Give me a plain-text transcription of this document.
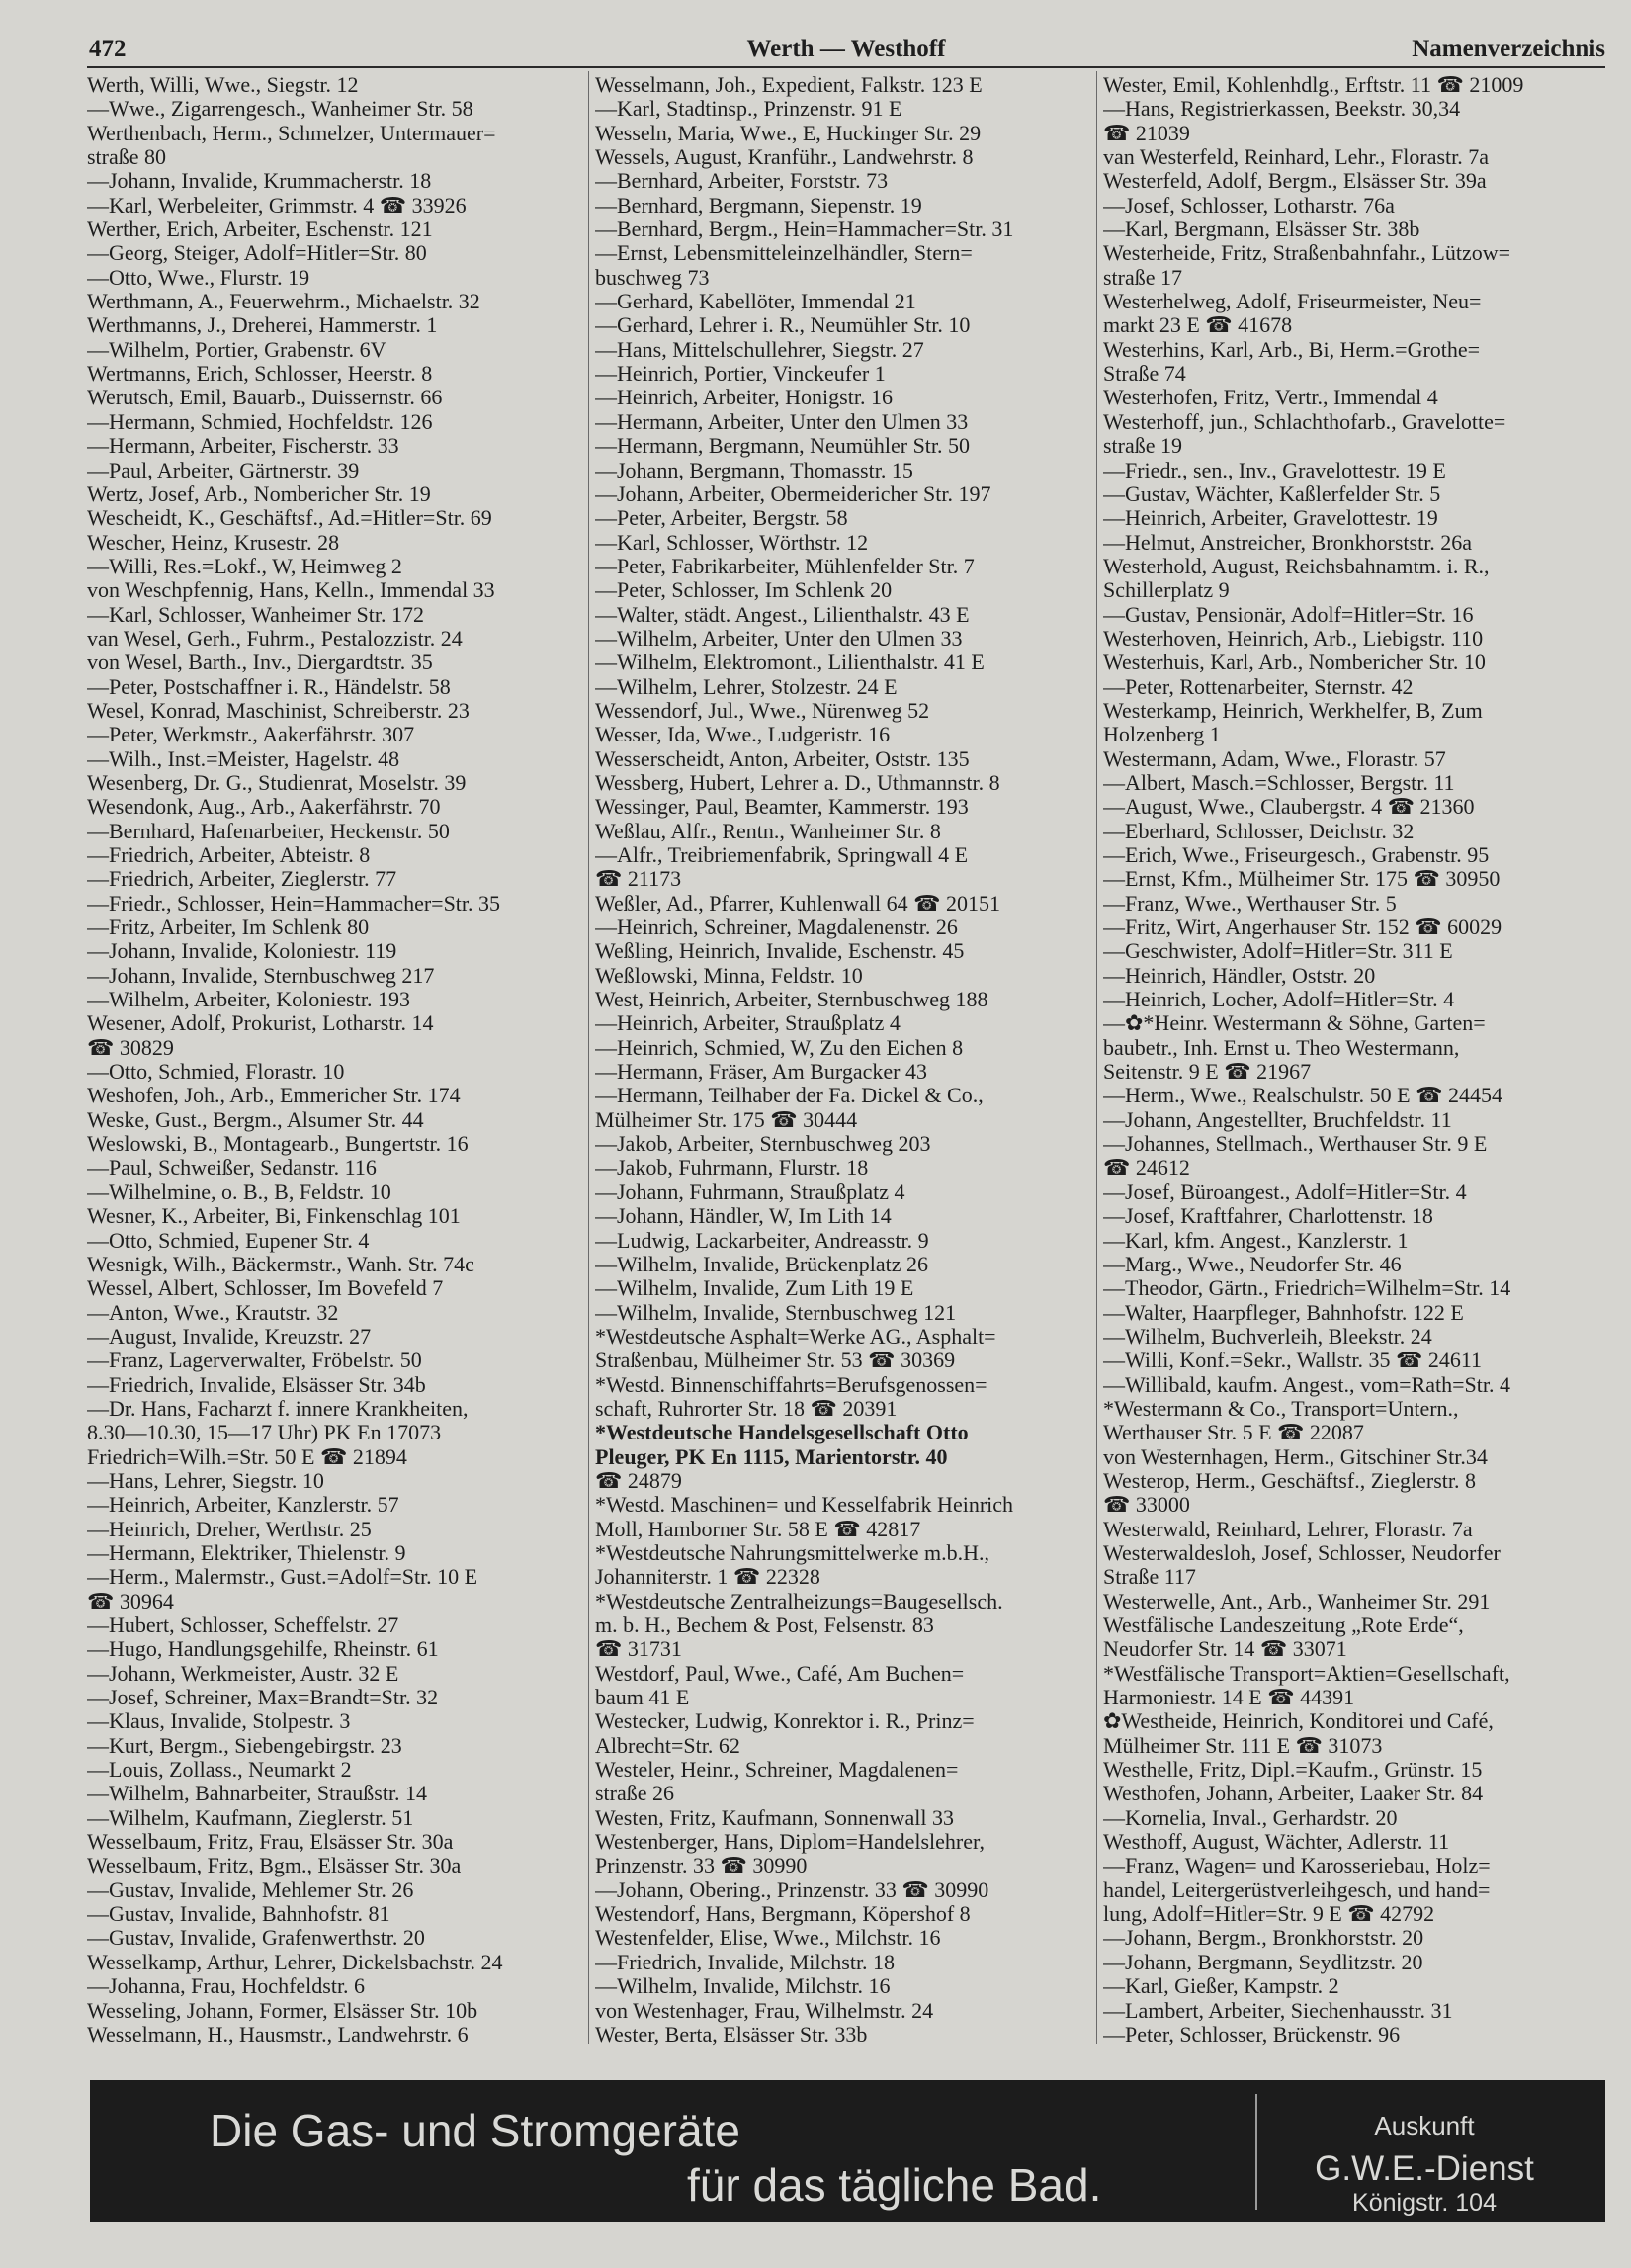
472	Werth — Westhoff	Namenverzeichnis
Werth, Willi, Wwe., Siegstr. 12
—Wwe., Zigarrengesch., Wanheimer Str. 58
Werthenbach, Herm., Schmelzer, Untermauer=
straße 80
—Johann, Invalide, Krummacherstr. 18
—Karl, Werbeleiter, Grimmstr. 4 ☎ 33926
Werther, Erich, Arbeiter, Eschenstr. 121
—Georg, Steiger, Adolf=Hitler=Str. 80
—Otto, Wwe., Flurstr. 19
Werthmann, A., Feuerwehrm., Michaelstr. 32
Werthmanns, J., Dreherei, Hammerstr. 1
—Wilhelm, Portier, Grabenstr. 6V
Wertmanns, Erich, Schlosser, Heerstr. 8
Werutsch, Emil, Bauarb., Duissernstr. 66
—Hermann, Schmied, Hochfeldstr. 126
—Hermann, Arbeiter, Fischerstr. 33
—Paul, Arbeiter, Gärtnerstr. 39
Wertz, Josef, Arb., Nombericher Str. 19
Wescheidt, K., Geschäftsf., Ad.=Hitler=Str. 69
Wescher, Heinz, Krusestr. 28
—Willi, Res.=Lokf., W, Heimweg 2
von Weschpfennig, Hans, Kelln., Immendal 33
—Karl, Schlosser, Wanheimer Str. 172
van Wesel, Gerh., Fuhrm., Pestalozzistr. 24
von Wesel, Barth., Inv., Diergardtstr. 35
—Peter, Postschaffner i. R., Händelstr. 58
Wesel, Konrad, Maschinist, Schreiberstr. 23
—Peter, Werkmstr., Aakerfährstr. 307
—Wilh., Inst.=Meister, Hagelstr. 48
Wesenberg, Dr. G., Studienrat, Moselstr. 39
Wesendonk, Aug., Arb., Aakerfährstr. 70
—Bernhard, Hafenarbeiter, Heckenstr. 50
—Friedrich, Arbeiter, Abteistr. 8
—Friedrich, Arbeiter, Zieglerstr. 77
—Friedr., Schlosser, Hein=Hammacher=Str. 35
—Fritz, Arbeiter, Im Schlenk 80
—Johann, Invalide, Koloniestr. 119
—Johann, Invalide, Sternbuschweg 217
—Wilhelm, Arbeiter, Koloniestr. 193
Wesener, Adolf, Prokurist, Lotharstr. 14
☎ 30829
—Otto, Schmied, Florastr. 10
Weshofen, Joh., Arb., Emmericher Str. 174
Weske, Gust., Bergm., Alsumer Str. 44
Weslowski, B., Montagearb., Bungertstr. 16
—Paul, Schweißer, Sedanstr. 116
—Wilhelmine, o. B., B, Feldstr. 10
Wesner, K., Arbeiter, Bi, Finkenschlag 101
—Otto, Schmied, Eupener Str. 4
Wesnigk, Wilh., Bäckermstr., Wanh. Str. 74c
Wessel, Albert, Schlosser, Im Bovefeld 7
—Anton, Wwe., Krautstr. 32
—August, Invalide, Kreuzstr. 27
—Franz, Lagerverwalter, Fröbelstr. 50
—Friedrich, Invalide, Elsässer Str. 34b
—Dr. Hans, Facharzt f. innere Krankheiten,
8.30—10.30, 15—17 Uhr) PK En 17073
Friedrich=Wilh.=Str. 50 E ☎ 21894
—Hans, Lehrer, Siegstr. 10
—Heinrich, Arbeiter, Kanzlerstr. 57
—Heinrich, Dreher, Werthstr. 25
—Hermann, Elektriker, Thielenstr. 9
—Herm., Malermstr., Gust.=Adolf=Str. 10 E
☎ 30964
—Hubert, Schlosser, Scheffelstr. 27
—Hugo, Handlungsgehilfe, Rheinstr. 61
—Johann, Werkmeister, Austr. 32 E
—Josef, Schreiner, Max=Brandt=Str. 32
—Klaus, Invalide, Stolpestr. 3
—Kurt, Bergm., Siebengebirgstr. 23
—Louis, Zollass., Neumarkt 2
—Wilhelm, Bahnarbeiter, Straußstr. 14
—Wilhelm, Kaufmann, Zieglerstr. 51
Wesselbaum, Fritz, Frau, Elsässer Str. 30a
Wesselbaum, Fritz, Bgm., Elsässer Str. 30a
—Gustav, Invalide, Mehlemer Str. 26
—Gustav, Invalide, Bahnhofstr. 81
—Gustav, Invalide, Grafenwerthstr. 20
Wesselkamp, Arthur, Lehrer, Dickelsbachstr. 24
—Johanna, Frau, Hochfeldstr. 6
Wesseling, Johann, Former, Elsässer Str. 10b
Wesselmann, H., Hausmstr., Landwehrstr. 6
Wesselmann, Joh., Expedient, Falkstr. 123 E
—Karl, Stadtinsp., Prinzenstr. 91 E
Wesseln, Maria, Wwe., E, Huckinger Str. 29
Wessels, August, Kranführ., Landwehrstr. 8
—Bernhard, Arbeiter, Forststr. 73
—Bernhard, Bergmann, Siepenstr. 19
—Bernhard, Bergm., Hein=Hammacher=Str. 31
—Ernst, Lebensmitteleinzelhändler, Stern=
buschweg 73
—Gerhard, Kabellöter, Immendal 21
—Gerhard, Lehrer i. R., Neumühler Str. 10
—Hans, Mittelschullehrer, Siegstr. 27
—Heinrich, Portier, Vinckeufer 1
—Heinrich, Arbeiter, Honigstr. 16
—Hermann, Arbeiter, Unter den Ulmen 33
—Hermann, Bergmann, Neumühler Str. 50
—Johann, Bergmann, Thomasstr. 15
—Johann, Arbeiter, Obermeidericher Str. 197
—Peter, Arbeiter, Bergstr. 58
—Karl, Schlosser, Wörthstr. 12
—Peter, Fabrikarbeiter, Mühlenfelder Str. 7
—Peter, Schlosser, Im Schlenk 20
—Walter, städt. Angest., Lilienthalstr. 43 E
—Wilhelm, Arbeiter, Unter den Ulmen 33
—Wilhelm, Elektromont., Lilienthalstr. 41 E
—Wilhelm, Lehrer, Stolzestr. 24 E
Wessendorf, Jul., Wwe., Nürenweg 52
Wesser, Ida, Wwe., Ludgeristr. 16
Wesserscheidt, Anton, Arbeiter, Oststr. 135
Wessberg, Hubert, Lehrer a. D., Uthmannstr. 8
Wessinger, Paul, Beamter, Kammerstr. 193
Weßlau, Alfr., Rentn., Wanheimer Str. 8
—Alfr., Treibriemenfabrik, Springwall 4 E
☎ 21173
Weßler, Ad., Pfarrer, Kuhlenwall 64 ☎ 20151
—Heinrich, Schreiner, Magdalenenstr. 26
Weßling, Heinrich, Invalide, Eschenstr. 45
Weßlowski, Minna, Feldstr. 10
West, Heinrich, Arbeiter, Sternbuschweg 188
—Heinrich, Arbeiter, Straußplatz 4
—Heinrich, Schmied, W, Zu den Eichen 8
—Hermann, Fräser, Am Burgacker 43
—Hermann, Teilhaber der Fa. Dickel & Co.,
Mülheimer Str. 175 ☎ 30444
—Jakob, Arbeiter, Sternbuschweg 203
—Jakob, Fuhrmann, Flurstr. 18
—Johann, Fuhrmann, Straußplatz 4
—Johann, Händler, W, Im Lith 14
—Ludwig, Lackarbeiter, Andreasstr. 9
—Wilhelm, Invalide, Brückenplatz 26
—Wilhelm, Invalide, Zum Lith 19 E
—Wilhelm, Invalide, Sternbuschweg 121
*Westdeutsche Asphalt=Werke AG., Asphalt=
Straßenbau, Mülheimer Str. 53 ☎ 30369
*Westd. Binnenschiffahrts=Berufsgenossen=
schaft, Ruhrorter Str. 18 ☎ 20391
*Westdeutsche Handelsgesellschaft Otto
Pleuger, PK En 1115, Marientorstr. 40
☎ 24879
*Westd. Maschinen= und Kesselfabrik Heinrich
Moll, Hamborner Str. 58 E ☎ 42817
*Westdeutsche Nahrungsmittelwerke m.b.H.,
Johanniterstr. 1 ☎ 22328
*Westdeutsche Zentralheizungs=Baugesellsch.
m. b. H., Bechem & Post, Felsenstr. 83
☎ 31731
Westdorf, Paul, Wwe., Café, Am Buchen=
baum 41 E
Westecker, Ludwig, Konrektor i. R., Prinz=
Albrecht=Str. 62
Westeler, Heinr., Schreiner, Magdalenen=
straße 26
Westen, Fritz, Kaufmann, Sonnenwall 33
Westenberger, Hans, Diplom=Handelslehrer,
Prinzenstr. 33 ☎ 30990
—Johann, Obering., Prinzenstr. 33 ☎ 30990
Westendorf, Hans, Bergmann, Köpershof 8
Westenfelder, Elise, Wwe., Milchstr. 16
—Friedrich, Invalide, Milchstr. 18
—Wilhelm, Invalide, Milchstr. 16
von Westenhager, Frau, Wilhelmstr. 24
Wester, Berta, Elsässer Str. 33b
Wester, Emil, Kohlenhdlg., Erftstr. 11 ☎ 21009
—Hans, Registrierkassen, Beekstr. 30,34
☎ 21039
van Westerfeld, Reinhard, Lehr., Florastr. 7a
Westerfeld, Adolf, Bergm., Elsässer Str. 39a
—Josef, Schlosser, Lotharstr. 76a
—Karl, Bergmann, Elsässer Str. 38b
Westerheide, Fritz, Straßenbahnfahr., Lützow=
straße 17
Westerhelweg, Adolf, Friseurmeister, Neu=
markt 23 E ☎ 41678
Westerhins, Karl, Arb., Bi, Herm.=Grothe=
Straße 74
Westerhofen, Fritz, Vertr., Immendal 4
Westerhoff, jun., Schlachthofarb., Gravelotte=
straße 19
—Friedr., sen., Inv., Gravelottestr. 19 E
—Gustav, Wächter, Kaßlerfelder Str. 5
—Heinrich, Arbeiter, Gravelottestr. 19
—Helmut, Anstreicher, Bronkhorststr. 26a
Westerhold, August, Reichsbahnamtm. i. R.,
Schillerplatz 9
—Gustav, Pensionär, Adolf=Hitler=Str. 16
Westerhoven, Heinrich, Arb., Liebigstr. 110
Westerhuis, Karl, Arb., Nombericher Str. 10
—Peter, Rottenarbeiter, Sternstr. 42
Westerkamp, Heinrich, Werkhelfer, B, Zum
Holzenberg 1
Westermann, Adam, Wwe., Florastr. 57
—Albert, Masch.=Schlosser, Bergstr. 11
—August, Wwe., Claubergstr. 4 ☎ 21360
—Eberhard, Schlosser, Deichstr. 32
—Erich, Wwe., Friseurgesch., Grabenstr. 95
—Ernst, Kfm., Mülheimer Str. 175 ☎ 30950
—Franz, Wwe., Werthauser Str. 5
—Fritz, Wirt, Angerhauser Str. 152 ☎ 60029
—Geschwister, Adolf=Hitler=Str. 311 E
—Heinrich, Händler, Oststr. 20
—Heinrich, Locher, Adolf=Hitler=Str. 4
—✿*Heinr. Westermann & Söhne, Garten=
baubetr., Inh. Ernst u. Theo Westermann,
Seitenstr. 9 E ☎ 21967
—Herm., Wwe., Realschulstr. 50 E ☎ 24454
—Johann, Angestellter, Bruchfeldstr. 11
—Johannes, Stellmach., Werthauser Str. 9 E
☎ 24612
—Josef, Büroangest., Adolf=Hitler=Str. 4
—Josef, Kraftfahrer, Charlottenstr. 18
—Karl, kfm. Angest., Kanzlerstr. 1
—Marg., Wwe., Neudorfer Str. 46
—Theodor, Gärtn., Friedrich=Wilhelm=Str. 14
—Walter, Haarpfleger, Bahnhofstr. 122 E
—Wilhelm, Buchverleih, Bleekstr. 24
—Willi, Konf.=Sekr., Wallstr. 35 ☎ 24611
—Willibald, kaufm. Angest., vom=Rath=Str. 4
*Westermann & Co., Transport=Untern.,
Werthauser Str. 5 E ☎ 22087
von Westernhagen, Herm., Gitschiner Str.34
Westerop, Herm., Geschäftsf., Zieglerstr. 8
☎ 33000
Westerwald, Reinhard, Lehrer, Florastr. 7a
Westerwaldesloh, Josef, Schlosser, Neudorfer
Straße 117
Westerwelle, Ant., Arb., Wanheimer Str. 291
Westfälische Landeszeitung „Rote Erde“,
Neudorfer Str. 14 ☎ 33071
*Westfälische Transport=Aktien=Gesellschaft,
Harmoniestr. 14 E ☎ 44391
✿Westheide, Heinrich, Konditorei und Café,
Mülheimer Str. 111 E ☎ 31073
Westhelle, Fritz, Dipl.=Kaufm., Grünstr. 15
Westhofen, Johann, Arbeiter, Laaker Str. 84
—Kornelia, Inval., Gerhardstr. 20
Westhoff, August, Wächter, Adlerstr. 11
—Franz, Wagen= und Karosseriebau, Holz=
handel, Leitergerüstverleihgesch, und hand=
lung, Adolf=Hitler=Str. 9 E ☎ 42792
—Johann, Bergm., Bronkhorststr. 20
—Johann, Bergmann, Seydlitzstr. 20
—Karl, Gießer, Kampstr. 2
—Lambert, Arbeiter, Siechenhausstr. 31
—Peter, Schlosser, Brückenstr. 96
Die Gas- und Stromgeräte
für das tägliche Bad.
Auskunft
G.W.E.-Dienst
Königstr. 104
